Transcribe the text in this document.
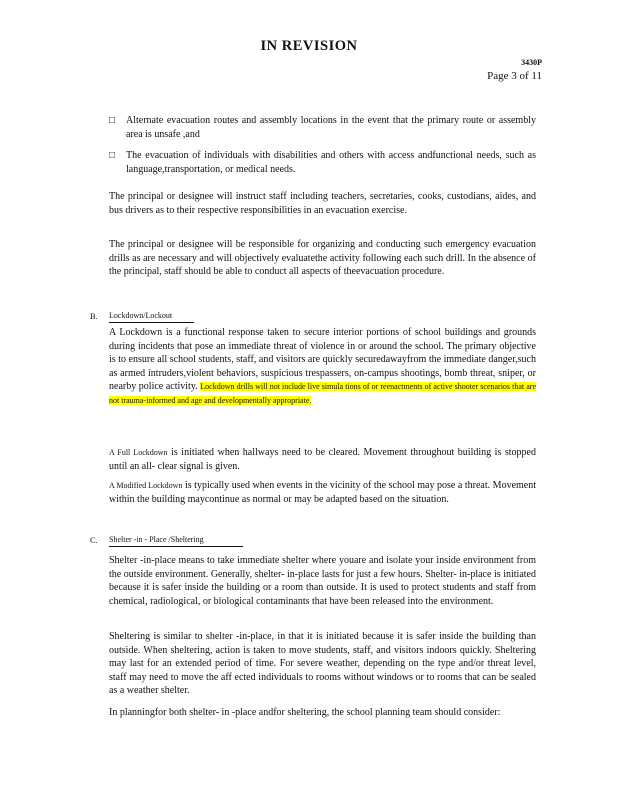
IN REVISION
3430P
Page 3 of 11
□ Alternate evacuation routes and assembly locations in the event that the primary route or assembly area is unsafe ,and
□ The evacuation of individuals with disabilities and others with access andfunctional needs, such as language,transportation, or medical needs.
The principal or designee will instruct staff including teachers, secretaries, cooks, custodians, aides, and bus drivers as to their respective responsibilities in an evacuation exercise.
The principal or designee will be responsible for organizing and conducting such emergency evacuation drills as are necessary and will objectively evaluatethe activity following each such drill. In the absence of the principal, staff should be able to conduct all aspects of theevacuation procedure.
B. Lockdown/Lockout
A Lockdown is a functional response taken to secure interior portions of school buildings and grounds during incidents that pose an immediate threat of violence in or around the school. The primary objective is to ensure all school students, staff, and visitors are quickly securedawayfrom the immediate danger,such as armed intruders,violent behaviors, suspicious trespassers, on-campus shootings, bomb threat, sniper, or nearby police activity. Lockdown drills will not include live simula tions of or reenactments of active shooter scenarios that are not trauma-informed and age and developmentally appropriate.
A Full Lockdown is initiated when hallways need to be cleared. Movement throughout building is stopped until an all- clear signal is given.
A Modified Lockdown is typically used when events in the vicinity of the school may pose a threat. Movement within the building maycontinue as normal or may be adapted based on the situation.
C. Shelter -in - Place /Sheltering
Shelter -in-place means to take immediate shelter where youare and isolate your inside environment from the outside environment. Generally, shelter- in-place lasts for just a few hours. Shelter- in-place is initiated because it is safer inside the building or a room than outside. It is used to protect students and staff from chemical, radiological, or biological contaminants that have been released into the environment.
Sheltering is similar to shelter -in-place, in that it is initiated because it is safer inside the building than outside. When sheltering, action is taken to move students, staff, and visitors indoors quickly. Sheltering may last for an extended period of time. For severe weather, depending on the type and/or threat level, staff may need to move the aff ected individuals to rooms without windows or to rooms that can be sealed as a weather shelter.
In planningfor both shelter- in -place andfor sheltering, the school planning team should consider:
